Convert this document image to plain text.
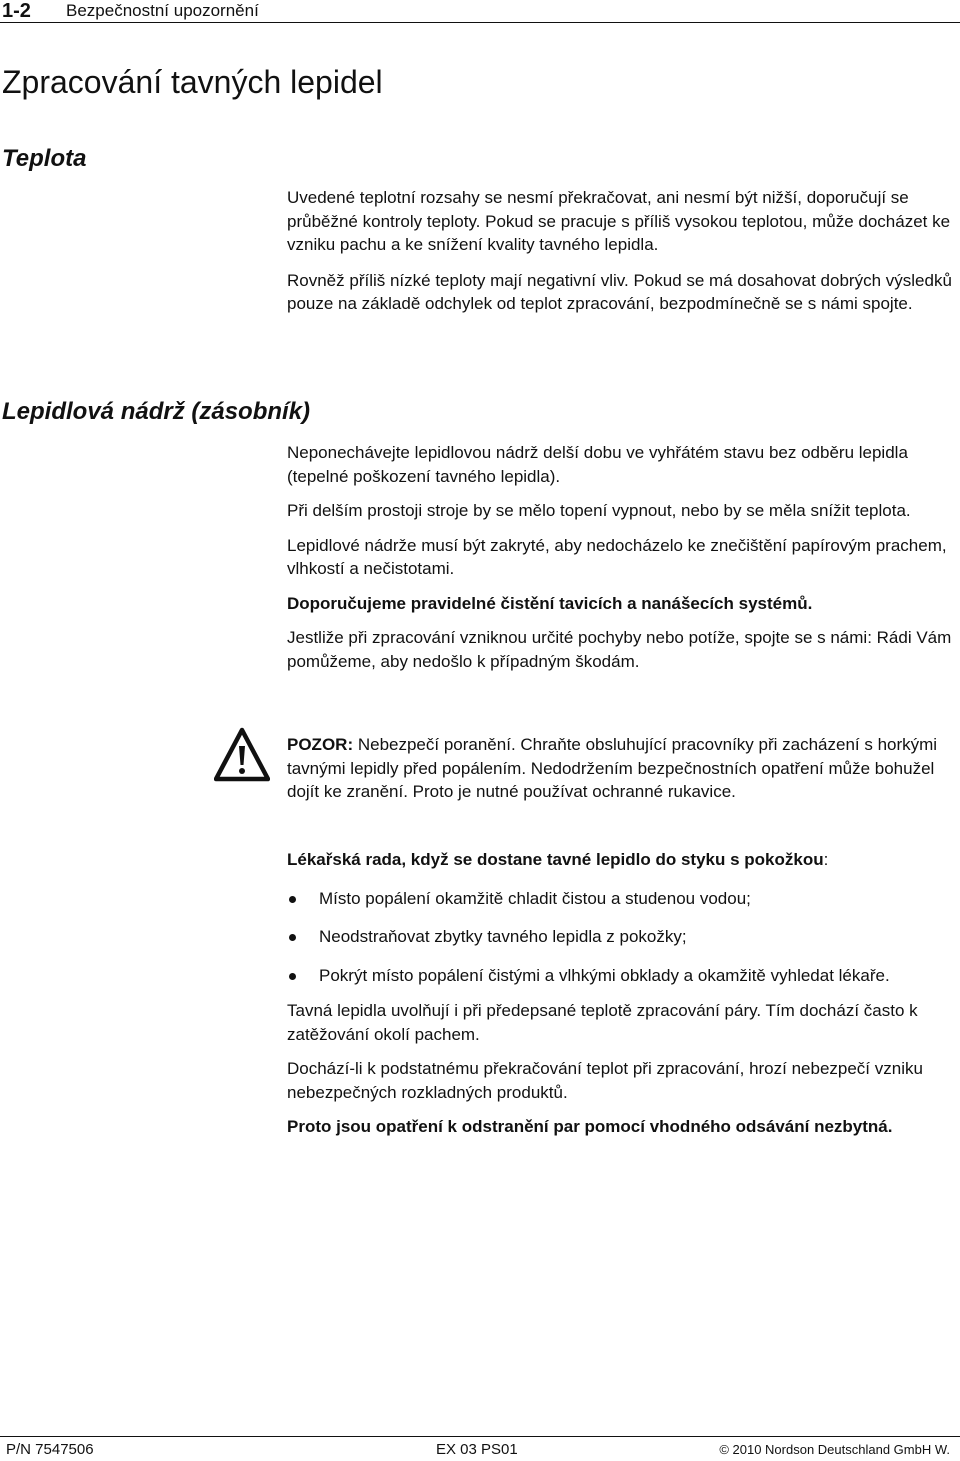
1-2 Bezpečnostní upozornění
Zpracování tavných lepidel
Teplota

Uvedené teplotní rozsahy se nesmí překračovat, ani nesmí být nižší, doporučují se průběžné kontroly teploty. Pokud se pracuje s příliš vysokou teplotou, může docházet ke vzniku pachu a ke snížení kvality tavného lepidla.

Rovněž příliš nízké teploty mají negativní vliv. Pokud se má dosahovat dobrých výsledků pouze na základě odchylek od teplot zpracování, bezpodmínečně se s námi spojte.

Lepidlová nádrž (zásobník)

Neponechávejte lepidlovou nádrž delší dobu ve vyhřátém stavu bez odběru lepidla (tepelné poškození tavného lepidla).

Při delším prostoji stroje by se mělo topení vypnout, nebo by se měla snížit teplota.

Lepidlové nádrže musí být zakryté, aby nedocházelo ke znečištění papírovým prachem, vlhkostí a nečistotami.

Doporučujeme pravidelné čistění tavicích a nanášecích systémů.

Jestliže při zpracování vzniknou určité pochyby nebo potíže, spojte se s námi: Rádi Vám pomůžeme, aby nedošlo k případným škodám.

POZOR: Nebezpečí poranění. Chraňte obsluhující pracovníky při zacházení s horkými tavnými lepidly před popálením. Nedodržením bezpečnostních opatření může bohužel dojít ke zranění. Proto je nutné používat ochranné rukavice.

Lékařská rada, když se dostane tavné lepidlo do styku s pokožkou:

Místo popálení okamžitě chladit čistou a studenou vodou;
Neodstraňovat zbytky tavného lepidla z pokožky;
Pokrýt místo popálení čistými a vlhkými obklady a okamžitě vyhledat lékaře.

Tavná lepidla uvolňují i při předepsané teplotě zpracování páry. Tím dochází často k zatěžování okolí pachem.

Dochází-li k podstatnému překračování teplot při zpracování, hrozí nebezpečí vzniku nebezpečných rozkladných produktů.

Proto jsou opatření k odstranění par pomocí vhodného odsávání nezbytná.

P/N 7547506	EX 03 PS01	© 2010 Nordson Deutschland GmbH W.
